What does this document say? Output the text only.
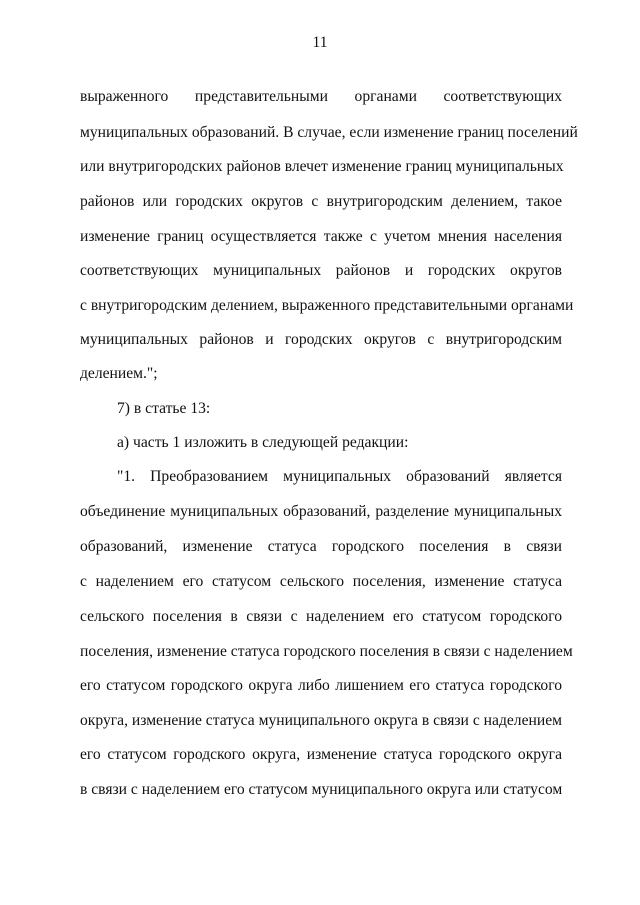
11
выраженного представительными органами соответствующих
муниципальных образований. В случае, если изменение границ поселений
или внутригородских районов влечет изменение границ муниципальных
районов или городских округов с внутригородским делением, такое
изменение границ осуществляется также с учетом мнения населения
соответствующих муниципальных районов и городских округов
с внутригородским делением, выраженного представительными органами
муниципальных районов и городских округов с внутригородским
делением.";
7) в статье 13:
а) часть 1 изложить в следующей редакции:
"1. Преобразованием муниципальных образований является
объединение муниципальных образований, разделение муниципальных
образований, изменение статуса городского поселения в связи
с наделением его статусом сельского поселения, изменение статуса
сельского поселения в связи с наделением его статусом городского
поселения, изменение статуса городского поселения в связи с наделением
его статусом городского округа либо лишением его статуса городского
округа, изменение статуса муниципального округа в связи с наделением
его статусом городского округа, изменение статуса городского округа
в связи с наделением его статусом муниципального округа или статусом
